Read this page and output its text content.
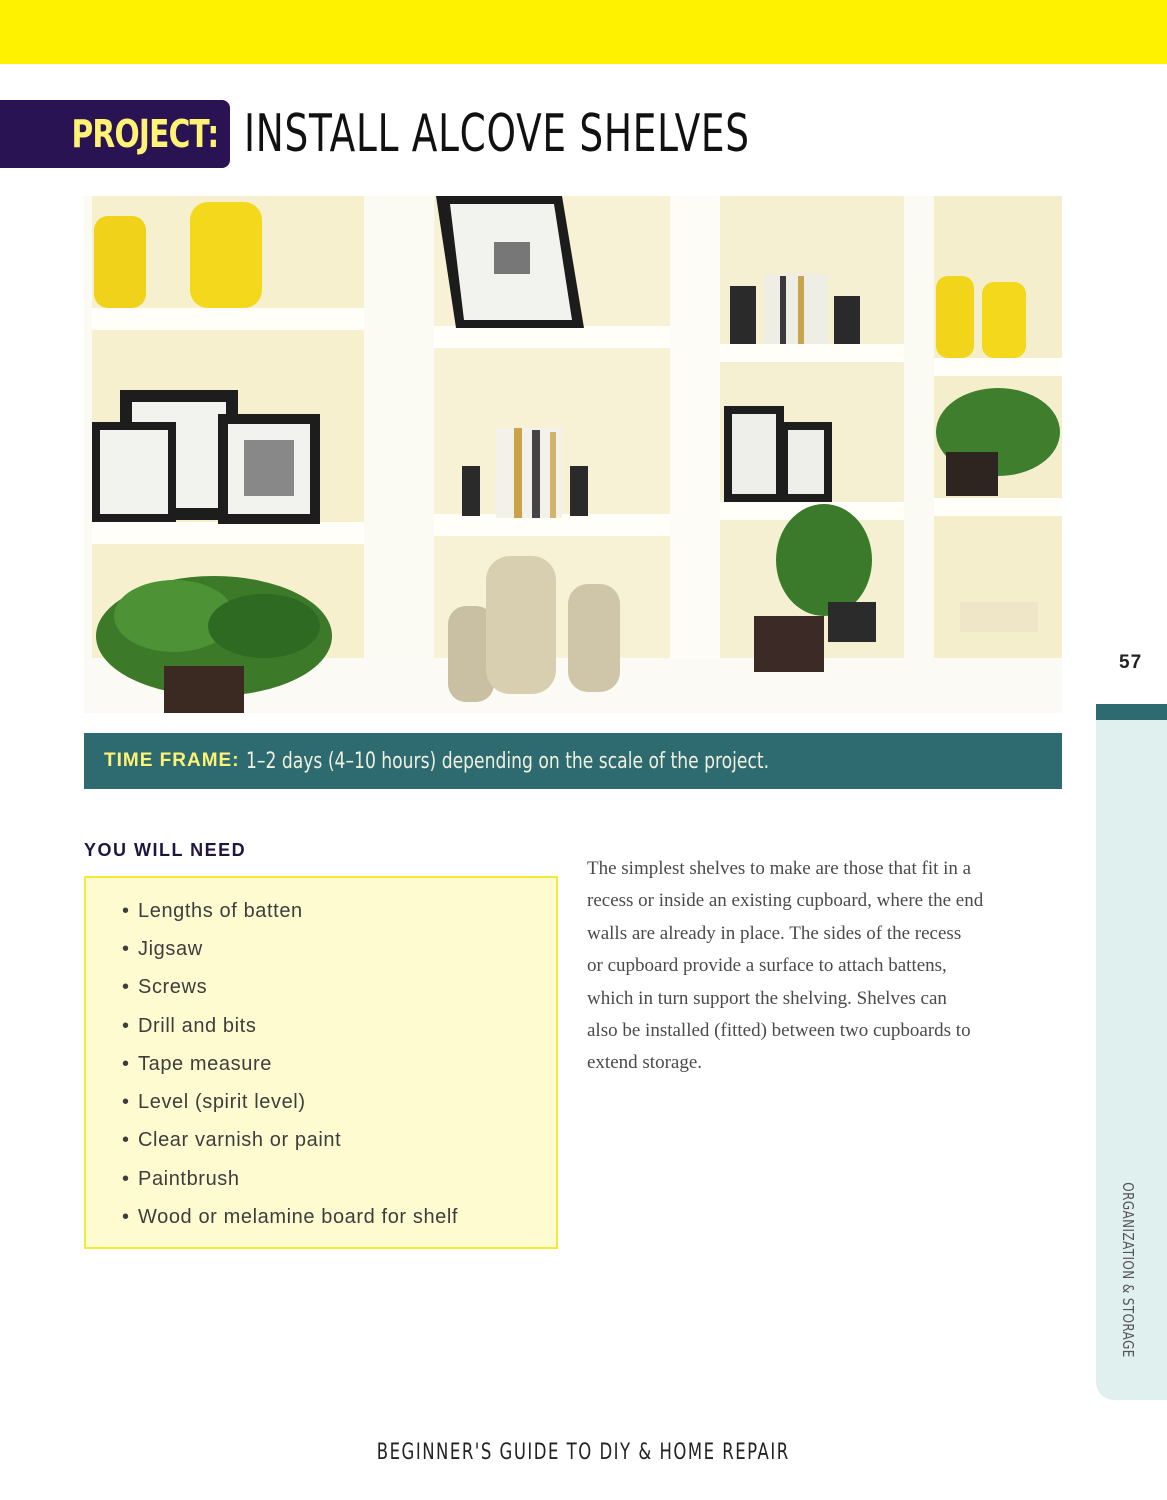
PROJECT: INSTALL ALCOVE SHELVES
TIME FRAME: 1–2 days (4–10 hours) depending on the scale of the project.
YOU WILL NEED
• Lengths of batten
• Jigsaw
• Screws
• Drill and bits
• Tape measure
• Level (spirit level)
• Clear varnish or paint
• Paintbrush
• Wood or melamine board for shelf
The simplest shelves to make are those that fit in a
recess or inside an existing cupboard, where the end
walls are already in place. The sides of the recess
or cupboard provide a surface to attach battens,
which in turn support the shelving. Shelves can
also be installed (fitted) between two cupboards to
extend storage.
57
ORGANIZATION & STORAGE
BEGINNER'S GUIDE TO DIY & HOME REPAIR
